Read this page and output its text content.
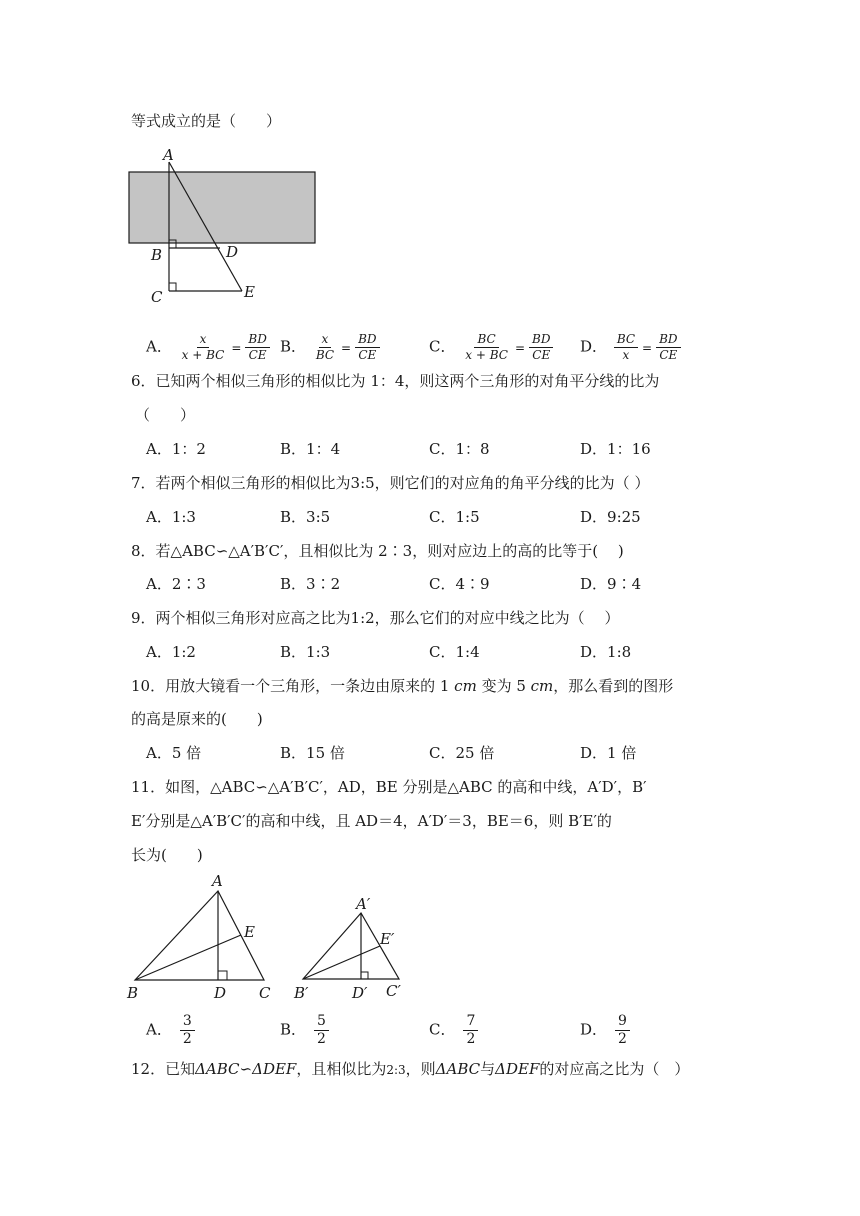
等式成立的是（　　）
A
B
C
D
E
A． $\frac{x}{x + BC} = \frac{BD}{CE}$ B． $\frac{x}{BC} = \frac{BD}{CE}$	C． $\frac{BC}{x + BC} = \frac{BD}{CE}$ D． $\frac{BC}{x} = \frac{BD}{CE}$
6．已知两个相似三角形的相似比为 1：4，则这两个三角形的对角平分线的比为
（　　）
A．1：2	B．1：4	C．1：8	D．1：16
7．若两个相似三角形的相似比为3:5，则它们的对应角的角平分线的比为（ ）
A．1:3	B．3:5	C．1:5	D．9:25
8．若△ABC∽△A′B′C′，且相似比为 2∶3，则对应边上的高的比等于(　 )
A．2∶3	B．3∶2	C．4∶9	D．9∶4
9．两个相似三角形对应高之比为1:2，那么它们的对应中线之比为（　 ）
A．1:2	B．1:3	C．1:4	D．1:8
10．用放大镜看一个三角形，一条边由原来的 1 cm 变为 5 cm，那么看到的图形
的高是原来的(　　)
A．5 倍	B．15 倍	C．25 倍	D．1 倍
11．如图，△ABC∽△A′B′C′，AD，BE 分别是△ABC 的高和中线，A′D′，B′
E′分别是△A′B′C′的高和中线，且 AD＝4，A′D′＝3，BE＝6，则 B′E′的
长为(　　)
A
B	C
D
E
A′
B′	C′
D′
E′
A． $\frac{3}{2}$	B． $\frac{5}{2}$	C． $\frac{7}{2}$	D． $\frac{9}{2}$
12．已知ΔABC∽ΔDEF，且相似比为2:3，则ΔABC与ΔDEF的对应高之比为（　）
